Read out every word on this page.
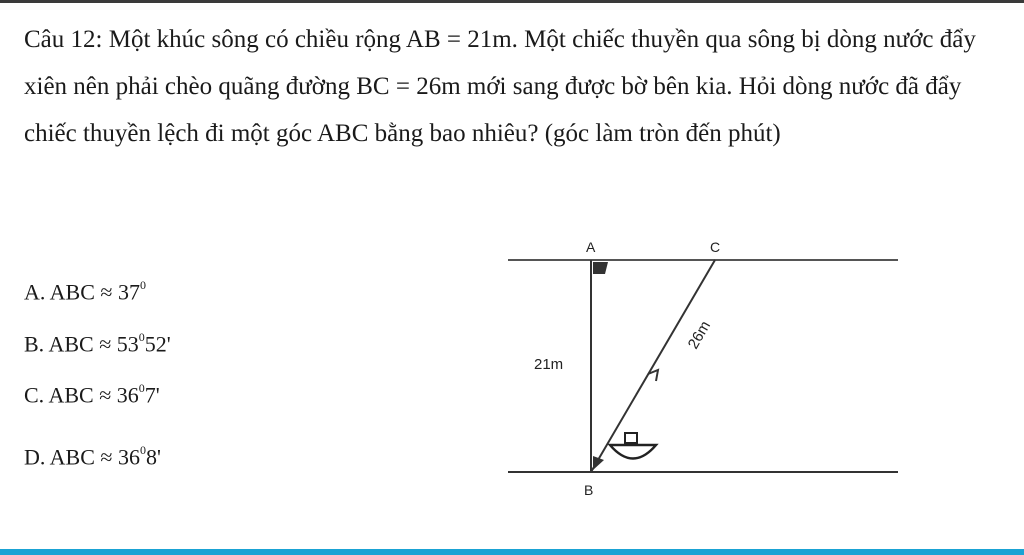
Câu 12: Một khúc sông có chiều rộng AB = 21m. Một chiếc thuyền qua sông bị dòng nước đẩy xiên nên phải chèo quãng đường BC = 26m mới sang được bờ bên kia. Hỏi dòng nước đã đẩy chiếc thuyền lệch đi một góc ABC bằng bao nhiêu? (góc làm tròn đến phút)

A. ABC ≈ $37^0$
B. ABC ≈ $53^052'$
C. ABC ≈ $36^07'$
D. ABC ≈ $36^08'$
A	C
B
21m
26m
